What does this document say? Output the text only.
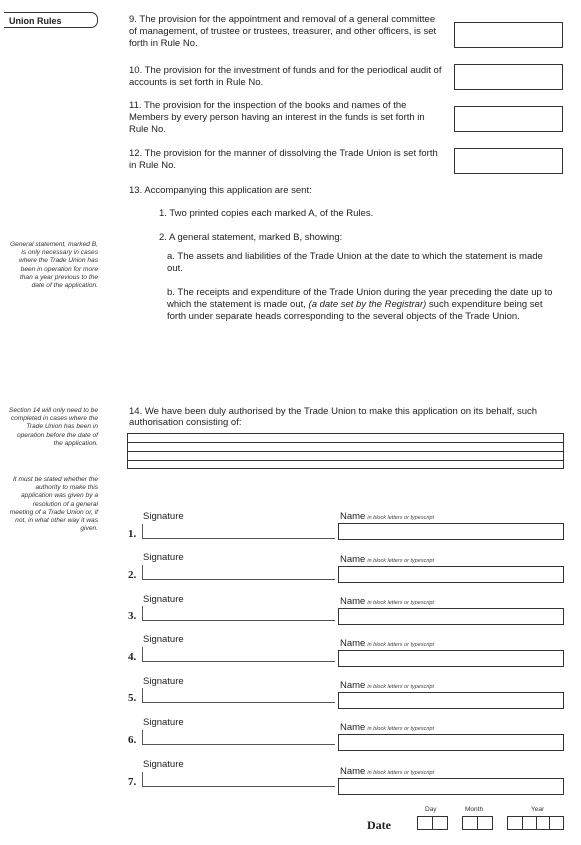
Union Rules	9. The provision for the appointment and removal of a general committee of management, of trustee or trustees, treasurer, and other officers, is set forth in Rule No.
10. The provision for the investment of funds and for the periodical audit of accounts is set forth in Rule No.
11. The provision for the inspection of the books and names of the Members by every person having an interest in the funds is set forth in Rule No.
12. The provision for the manner of dissolving the Trade Union is set forth in Rule No.
13. Accompanying this application are sent:
1. Two printed copies each marked A, of the Rules.
2. A general statement, marked B, showing:
a. The assets and liabilities of the Trade Union at the date to which the statement is made out.
b. The receipts and expenditure of the Trade Union during the year preceding the date up to which the statement is made out, (a date set by the Registrar) such expenditure being set forth under separate heads corresponding to the several objects of the Trade Union.
General statement, marked B, is only necessary in cases where the Trade Union has been in operation for more than a year previous to the date of the application.
Section 14 will only need to be completed in cases where the Trade Union has been in operation before the date of the application.
It must be stated whether the authority to make this application was given by a resolution of a general meeting of a Trade Union or, if not, in what other way it was given.
14. We have been duly authorised by the Trade Union to make this application on its behalf, such authorisation consisting of:
Signature
1.
Name in block letters or typescript
Signature
2.
Name in block letters or typescript
Signature
3.
Name in block letters or typescript
Signature
4.
Name in block letters or typescript
Signature
5.
Name in block letters or typescript
Signature
6.
Name in block letters or typescript
Signature
7.
Name in block letters or typescript
Date
Day	Month	Year
